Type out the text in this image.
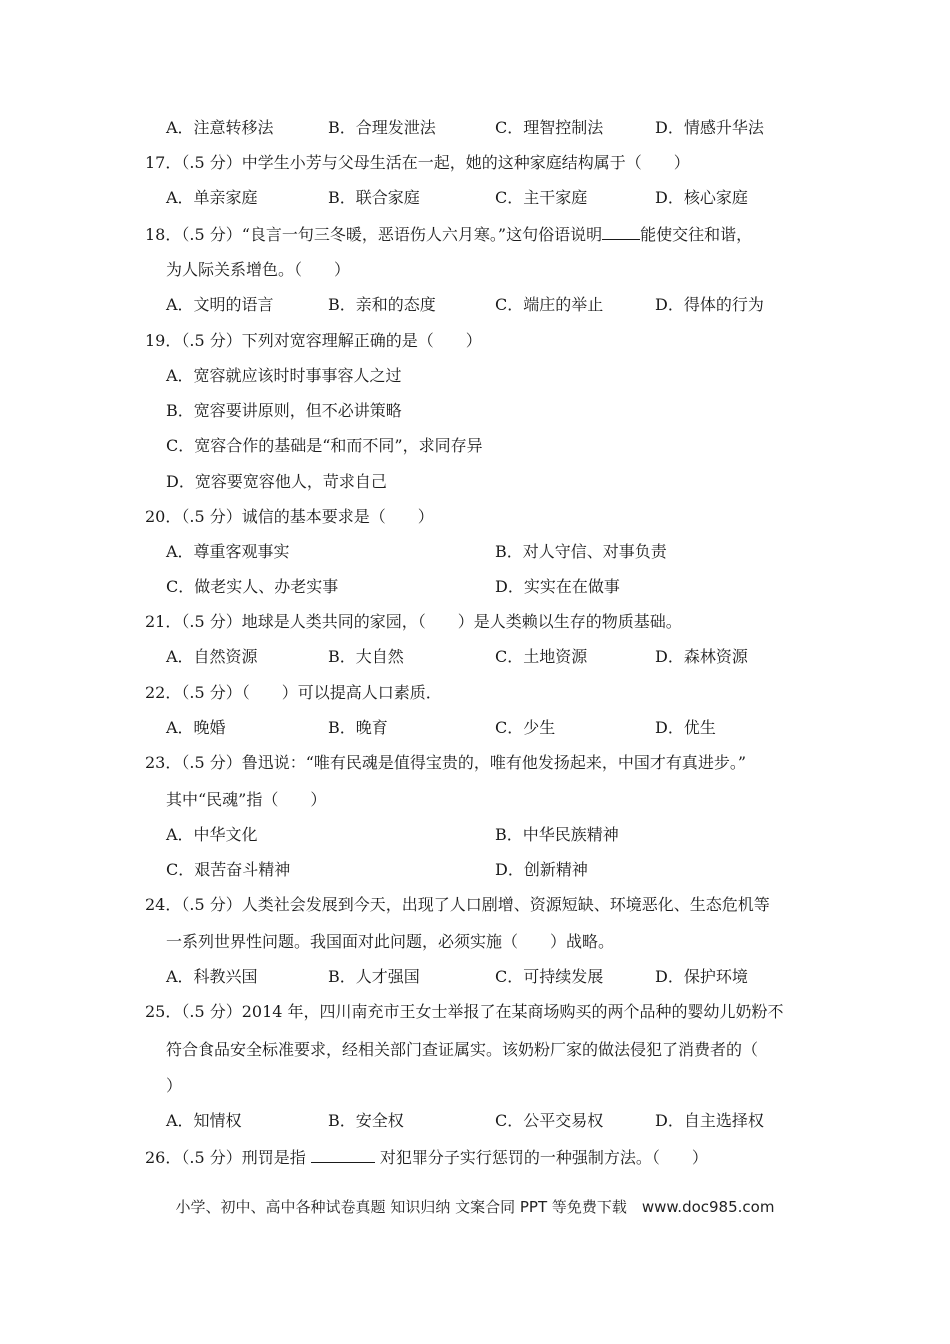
A．注意转移法	B．合理发泄法	C．理智控制法	D．情感升华法
17．（.5 分）中学生小芳与父母生活在一起，她的这种家庭结构属于（　　）
A．单亲家庭	B．联合家庭	C．主干家庭	D．核心家庭
18．（.5 分）“良言一句三冬暖，恶语伤人六月寒。”这句俗语说明 能使交往和谐，
为人际关系增色。（　　）
A．文明的语言	B．亲和的态度	C．端庄的举止	D．得体的行为
19．（.5 分）下列对宽容理解正确的是（　　）
A．宽容就应该时时事事容人之过
B．宽容要讲原则，但不必讲策略
C．宽容合作的基础是“和而不同”，求同存异
D．宽容要宽容他人，苛求自己
20．（.5 分）诚信的基本要求是（　　）
A．尊重客观事实	B．对人守信、对事负责
C．做老实人、办老实事	D．实实在在做事
21．（.5 分）地球是人类共同的家园，（　　）是人类赖以生存的物质基础。
A．自然资源	B．大自然	C．土地资源	D．森林资源
22．（.5 分）（　　）可以提高人口素质．
A．晚婚	B．晚育	C．少生	D．优生
23．（.5 分）鲁迅说：“唯有民魂是值得宝贵的，唯有他发扬起来，中国才有真进步。”
其中“民魂”指（　　）
A．中华文化	B．中华民族精神
C．艰苦奋斗精神	D．创新精神
24．（.5 分）人类社会发展到今天，出现了人口剧增、资源短缺、环境恶化、生态危机等
一系列世界性问题。我国面对此问题，必须实施（　　）战略。
A．科教兴国	B．人才强国	C．可持续发展	D．保护环境
25．（.5 分）2014 年，四川南充市王女士举报了在某商场购买的两个品种的婴幼儿奶粉不
符合食品安全标准要求，经相关部门查证属实。该奶粉厂家的做法侵犯了消费者的（
）
A．知情权	B．安全权	C．公平交易权	D．自主选择权
26．（.5 分）刑罚是指	对犯罪分子实行惩罚的一种强制方法。（　　）
小学、初中、高中各种试卷真题 知识归纳 文案合同 PPT 等免费下载　www.doc985.com
